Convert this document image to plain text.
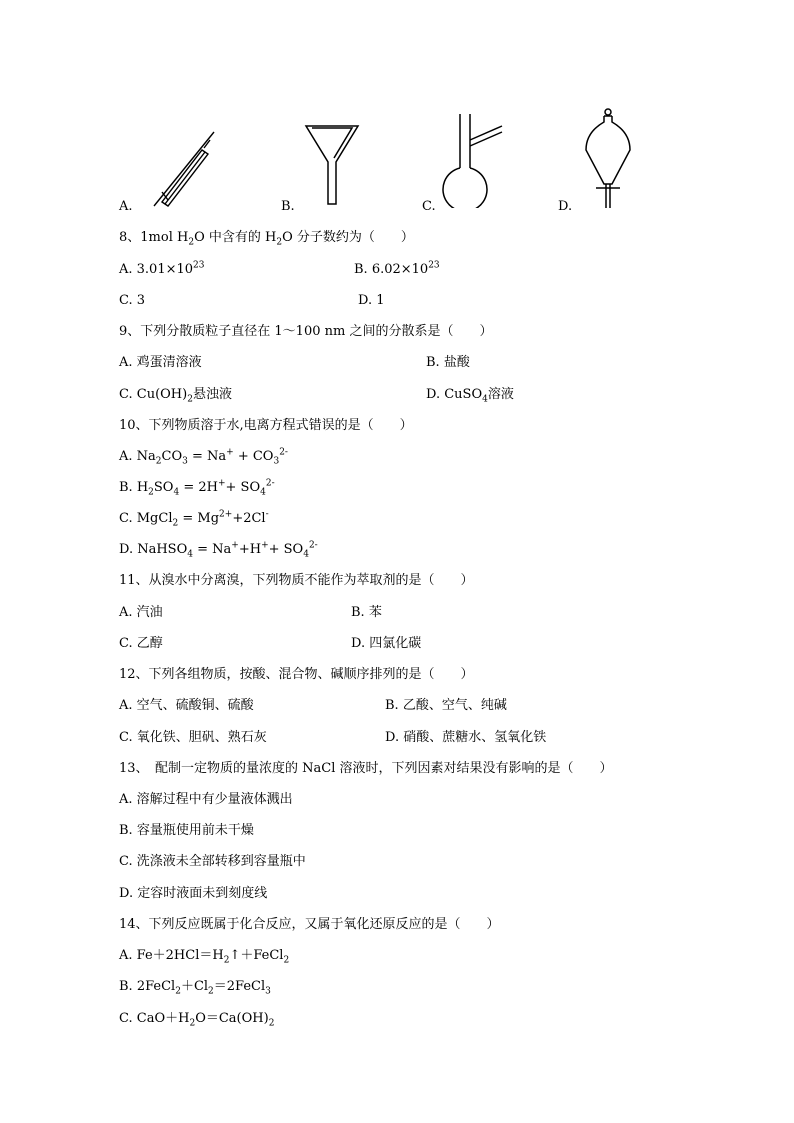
A.	B.	C.	D.
8、1mol $H_2O$ 中含有的 $H_2O$ 分子数约为（　　）
A. $3.01\times 10^{23}$	B. $6.02\times 10^{23}$
C. 3	D. 1
9、下列分散质粒子直径在 1～100 nm 之间的分散系是（　　）
A. 鸡蛋清溶液	B. 盐酸
C. $Cu(OH)_2$悬浊液	D. CuSO$_4$溶液
10、下列物质溶于水,电离方程式错误的是（　　）
A. $Na_2CO_3 = Na^+ + CO_3^{2-}$
B. $H_2SO_4 = 2H^++ SO_4^{2-}$
C. MgCl$_2$ = $Mg^{2+}+2Cl^-$
D. NaHSO$_4$ = $Na^++H^++ SO_4^{2-}$
11、从溴水中分离溴，下列物质不能作为萃取剂的是（　　）
A. 汽油	B. 苯
C. 乙醇	D. 四氯化碳
12、下列各组物质，按酸、混合物、碱顺序排列的是（　　）
A. 空气、硫酸铜、硫酸	B. 乙酸、空气、纯碱
C. 氧化铁、胆矾、熟石灰	D. 硝酸、蔗糖水、氢氧化铁
13、　配制一定物质的量浓度的 NaCl 溶液时，下列因素对结果没有影响的是（　　）
A. 溶解过程中有少量液体溅出
B. 容量瓶使用前未干燥
C. 洗涤液未全部转移到容量瓶中
D. 定容时液面未到刻度线
14、下列反应既属于化合反应，又属于氧化还原反应的是（　　）
A. $Fe+2HCl=H_2↑+FeCl_2$
B. $2FeCl_2+Cl_2=2FeCl_3$
C. $CaO+H_2O=Ca(OH)_2$
